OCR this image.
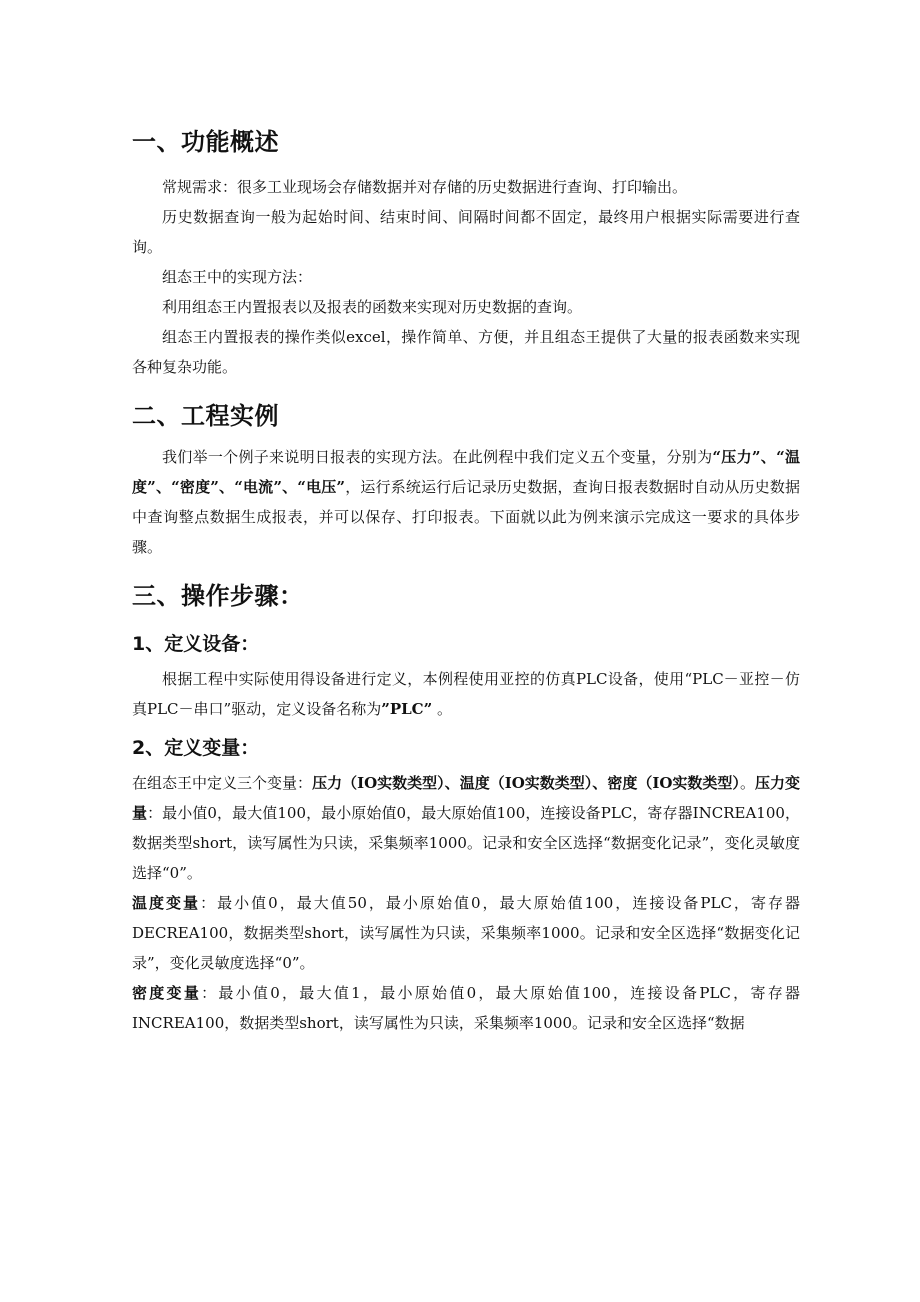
一、功能概述

常规需求：很多工业现场会存储数据并对存储的历史数据进行查询、打印输出。

历史数据查询一般为起始时间、结束时间、间隔时间都不固定，最终用户根据实际需要进行查询。

组态王中的实现方法：

利用组态王内置报表以及报表的函数来实现对历史数据的查询。

组态王内置报表的操作类似excel，操作简单、方便，并且组态王提供了大量的报表函数来实现各种复杂功能。

二、工程实例

我们举一个例子来说明日报表的实现方法。在此例程中我们定义五个变量，分别为“压力”、“温度”、“密度”、“电流”、“电压”，运行系统运行后记录历史数据，查询日报表数据时自动从历史数据中查询整点数据生成报表，并可以保存、打印报表。下面就以此为例来演示完成这一要求的具体步骤。

三、操作步骤：
1、定义设备：

根据工程中实际使用得设备进行定义，本例程使用亚控的仿真PLC设备，使用“PLC－亚控－仿真PLC－串口”驱动，定义设备名称为”PLC” 。

2、定义变量：

在组态王中定义三个变量：压力（IO实数类型）、温度（IO实数类型）、密度（IO实数类型）。压力变量：最小值0，最大值100，最小原始值0，最大原始值100，连接设备PLC，寄存器INCREA100，数据类型short，读写属性为只读，采集频率1000。记录和安全区选择“数据变化记录”，变化灵敏度选择“0”。

温度变量：最小值0，最大值50，最小原始值0，最大原始值100，连接设备PLC，寄存器DECREA100，数据类型short，读写属性为只读，采集频率1000。记录和安全区选择“数据变化记录”，变化灵敏度选择“0”。

密度变量：最小值0，最大值1，最小原始值0，最大原始值100，连接设备PLC，寄存器INCREA100，数据类型short，读写属性为只读，采集频率1000。记录和安全区选择“数据
